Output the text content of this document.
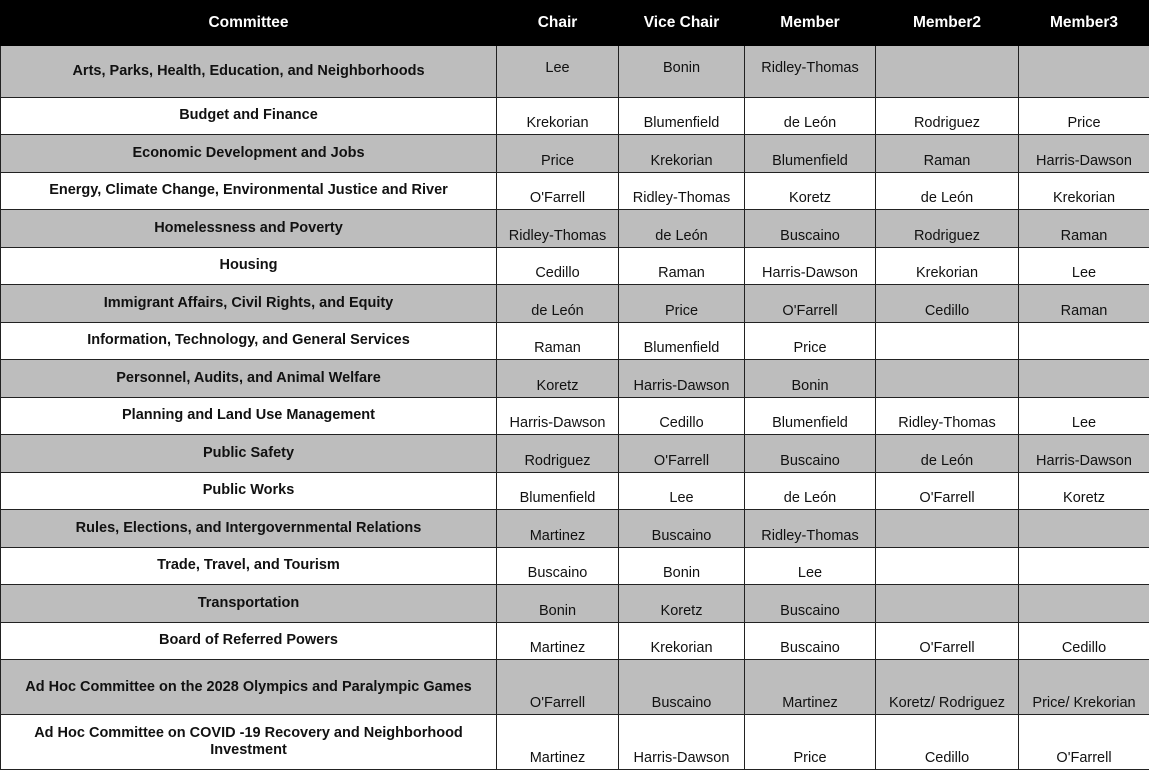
Committee	Chair	Vice Chair	Member	Member2	Member3
Arts, Parks, Health, Education, and Neighborhoods	Lee	Bonin	Ridley-Thomas		
Budget and Finance	Krekorian	Blumenfield	de León	Rodriguez	Price
Economic Development and Jobs	Price	Krekorian	Blumenfield	Raman	Harris-Dawson
Energy, Climate Change, Environmental Justice and River	O'Farrell	Ridley-Thomas	Koretz	de León	Krekorian
Homelessness and Poverty	Ridley-Thomas	de León	Buscaino	Rodriguez	Raman
Housing	Cedillo	Raman	Harris-Dawson	Krekorian	Lee
Immigrant Affairs, Civil Rights, and Equity	de León	Price	O'Farrell	Cedillo	Raman
Information, Technology, and General Services	Raman	Blumenfield	Price		
Personnel, Audits, and Animal Welfare	Koretz	Harris-Dawson	Bonin		
Planning and Land Use Management	Harris-Dawson	Cedillo	Blumenfield	Ridley-Thomas	Lee
Public Safety	Rodriguez	O'Farrell	Buscaino	de León	Harris-Dawson
Public Works	Blumenfield	Lee	de León	O'Farrell	Koretz
Rules, Elections, and Intergovernmental Relations	Martinez	Buscaino	Ridley-Thomas		
Trade, Travel, and Tourism	Buscaino	Bonin	Lee		
Transportation	Bonin	Koretz	Buscaino		
Board of Referred Powers	Martinez	Krekorian	Buscaino	O'Farrell	Cedillo
Ad Hoc Committee on the 2028 Olympics and Paralympic Games	O'Farrell	Buscaino	Martinez	Koretz/ Rodriguez	Price/ Krekorian
Ad Hoc Committee on COVID -19 Recovery and Neighborhood Investment	Martinez	Harris-Dawson	Price	Cedillo	O'Farrell
